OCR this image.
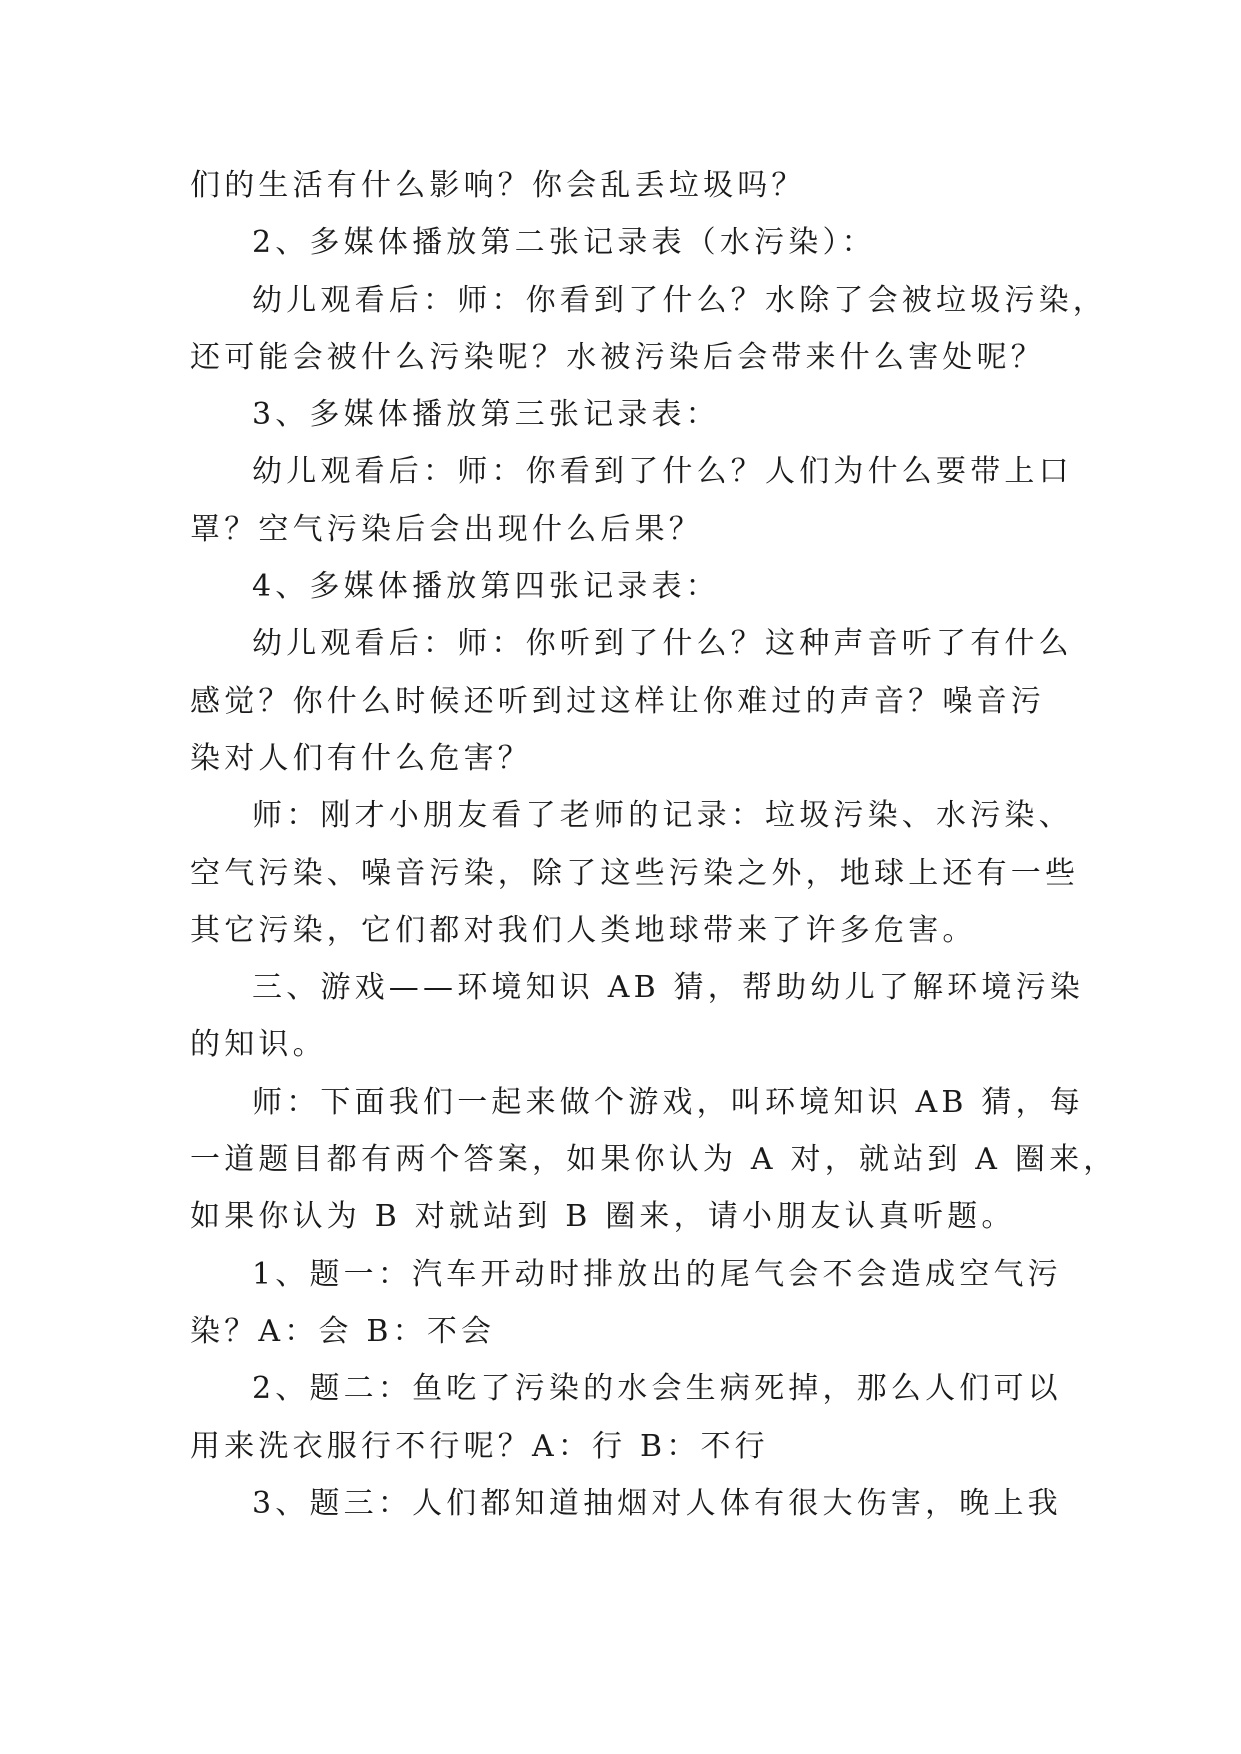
们的生活有什么影响？你会乱丢垃圾吗？
2、多媒体播放第二张记录表（水污染）：
幼儿观看后：师：你看到了什么？水除了会被垃圾污染，
还可能会被什么污染呢？水被污染后会带来什么害处呢？
3、多媒体播放第三张记录表：
幼儿观看后：师：你看到了什么？人们为什么要带上口
罩？空气污染后会出现什么后果？
4、多媒体播放第四张记录表：
幼儿观看后：师：你听到了什么？这种声音听了有什么
感觉？你什么时候还听到过这样让你难过的声音？噪音污
染对人们有什么危害？
师：刚才小朋友看了老师的记录：垃圾污染、水污染、
空气污染、噪音污染，除了这些污染之外，地球上还有一些
其它污染，它们都对我们人类地球带来了许多危害。
三、游戏——环境知识 AB 猜，帮助幼儿了解环境污染
的知识。
师：下面我们一起来做个游戏，叫环境知识 AB 猜，每
一道题目都有两个答案，如果你认为 A 对，就站到 A 圈来，
如果你认为 B 对就站到 B 圈来，请小朋友认真听题。
1、题一：汽车开动时排放出的尾气会不会造成空气污
染？A：会 B：不会
2、题二：鱼吃了污染的水会生病死掉，那么人们可以
用来洗衣服行不行呢？A：行 B：不行
3、题三：人们都知道抽烟对人体有很大伤害，晚上我
